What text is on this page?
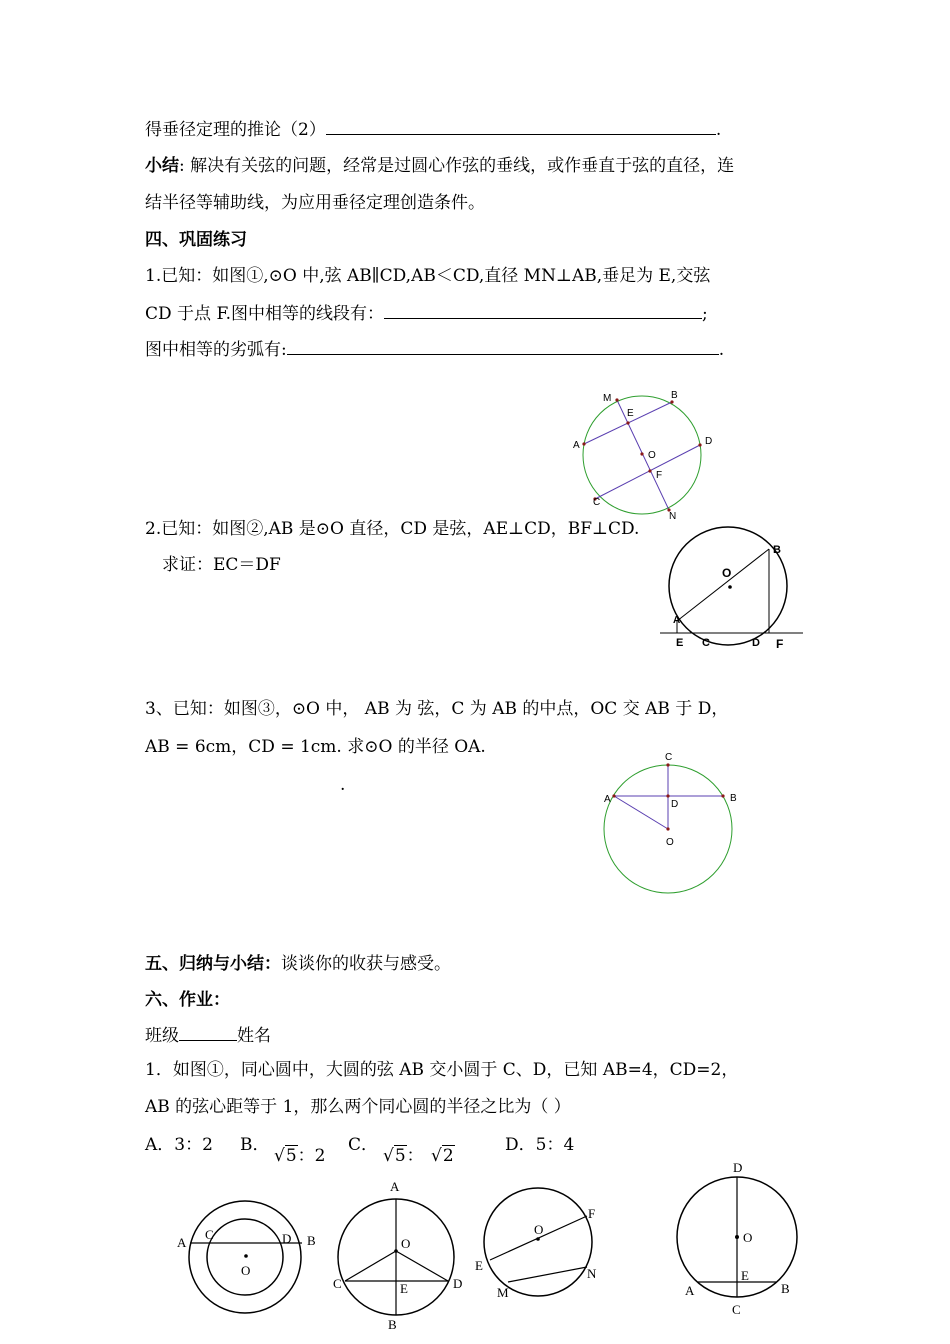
得垂径定理的推论（2）	.
小结: 解决有关弦的问题，经常是过圆心作弦的垂线，或作垂直于弦的直径，连
结半径等辅助线，为应用垂径定理创造条件。
四、巩固练习
1.已知：如图①,⊙O 中,弦 AB∥CD,AB＜CD,直径 MN⊥AB,垂足为 E,交弦
CD 于点 F.图中相等的线段有：	;
图中相等的劣弧有:	.
2.已知：如图②,AB 是⊙O 直径，CD 是弦，AE⊥CD，BF⊥CD.
求证：EC＝DF
3、已知：如图③，⊙O 中， AB 为 弦，C 为 AB 的中点，OC 交 AB 于 D，
AB = 6cm，CD = 1cm. 求⊙O 的半径 OA.
.
五、归纳与小结：谈谈你的收获与感受。
六、作业：
班级	姓名
1．如图①，同心圆中，大圆的弦 AB 交小圆于 C、D，已知 AB=4，CD=2，
AB 的弦心距等于 1，那么两个同心圆的半径之比为（ ）
A．3：2 B．
√5：2
C．
√5： √2
D．5：4
M	B
E
A	D
O
F
C
N
B
O
A
E C	D F
C
A	B
D
O
A
C	D B
O
A
O
C	E	D
B
F
O
E
N
M
D
O
E
A	B
C
